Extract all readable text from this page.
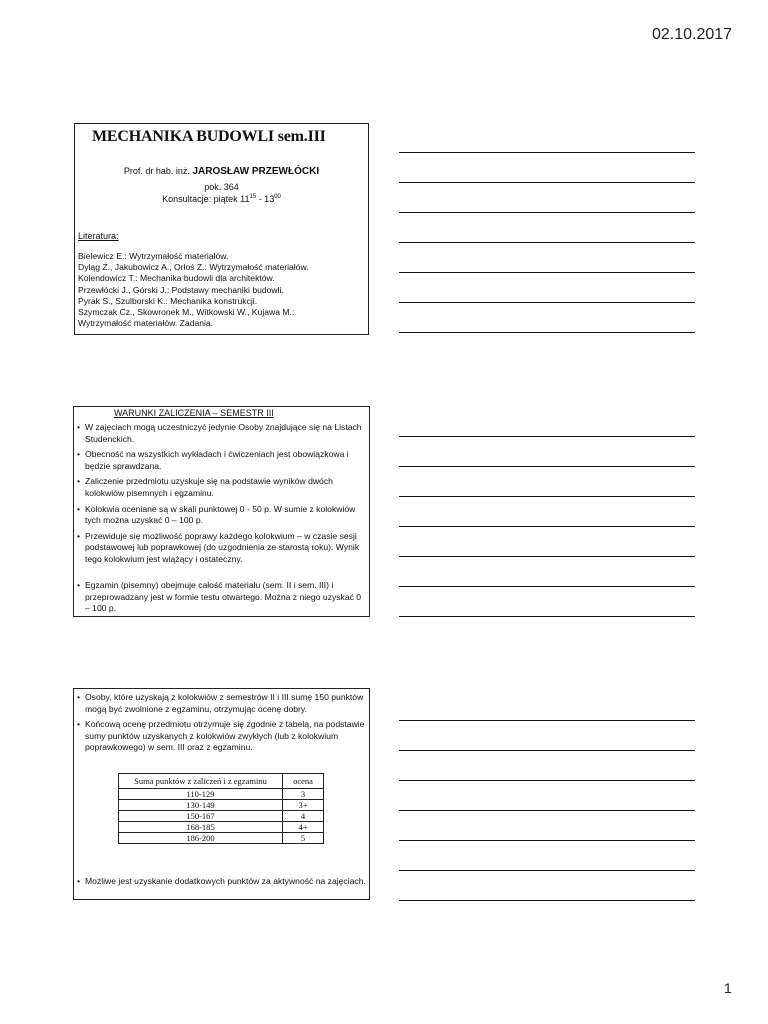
02.10.2017
MECHANIKA BUDOWLI sem.III
Prof. dr hab. inż. JAROSŁAW PRZEWŁÓCKI
pok. 364
Konsultacje: piątek $11^{15} - 13^{00}$
Literatura:
Bielewicz E.: Wytrzymałość materiałów.
Dyląg Z., Jakubowicz A., Orłoś Z.: Wytrzymałość materiałów.
Kolendowicz T.: Mechanika budowli dla architektów.
Przewłócki J., Górski J.: Podstawy mechaniki budowli.
Pyrak S., Szulborski K.: Mechanika konstrukcji.
Szymczak Cz., Skowronek M., Witkowski W., Kujawa M.:
Wytrzymałość materiałów. Zadania.
WARUNKI ZALICZENIA – SEMESTR III
• W zajęciach mogą uczestniczyć jedynie Osoby znajdujące się na Listach Studenckich.
• Obecność na wszystkich wykładach i ćwiczeniach jest obowiązkowa i będzie sprawdzana.
• Zaliczenie przedmiotu uzyskuje się na podstawie wyników dwóch kolokwiów pisemnych i egzaminu.
• Kolokwia oceniane są w skali punktowej 0 - 50 p. W sumie z kolokwiów tych można uzyskać 0 – 100 p.
• Przewiduje się możliwość poprawy każdego kolokwium – w czasie sesji podstawowej lub poprawkowej (do uzgodnienia ze starostą roku). Wynik tego kolokwium jest wiążący i ostateczny.
• Egzamin (pisemny) obejmuje całość materiału (sem. II i sem. III) i przeprowadzany jest w formie testu otwartego. Można z niego uzyskać 0 – 100 p.
• Osoby, które uzyskają z kolokwiów z semestrów II i III sumę 150 punktów mogą być zwolnione z egzaminu, otrzymując ocenę dobry.
• Końcową ocenę przedmiotu otrzymuje się zgodnie z tabelą, na podstawie sumy punktów uzyskanych z kolokwiów zwykłych (lub z kolokwium poprawkowego) w sem. III oraz z egzaminu.
Suma punktów z zaliczeń i z egzaminu	ocena
110-129	3
130-149	3+
150-167	4
168-185	4+
186-200	5
• Możliwe jest uzyskanie dodatkowych punktów za aktywność na zajęciach.
1
